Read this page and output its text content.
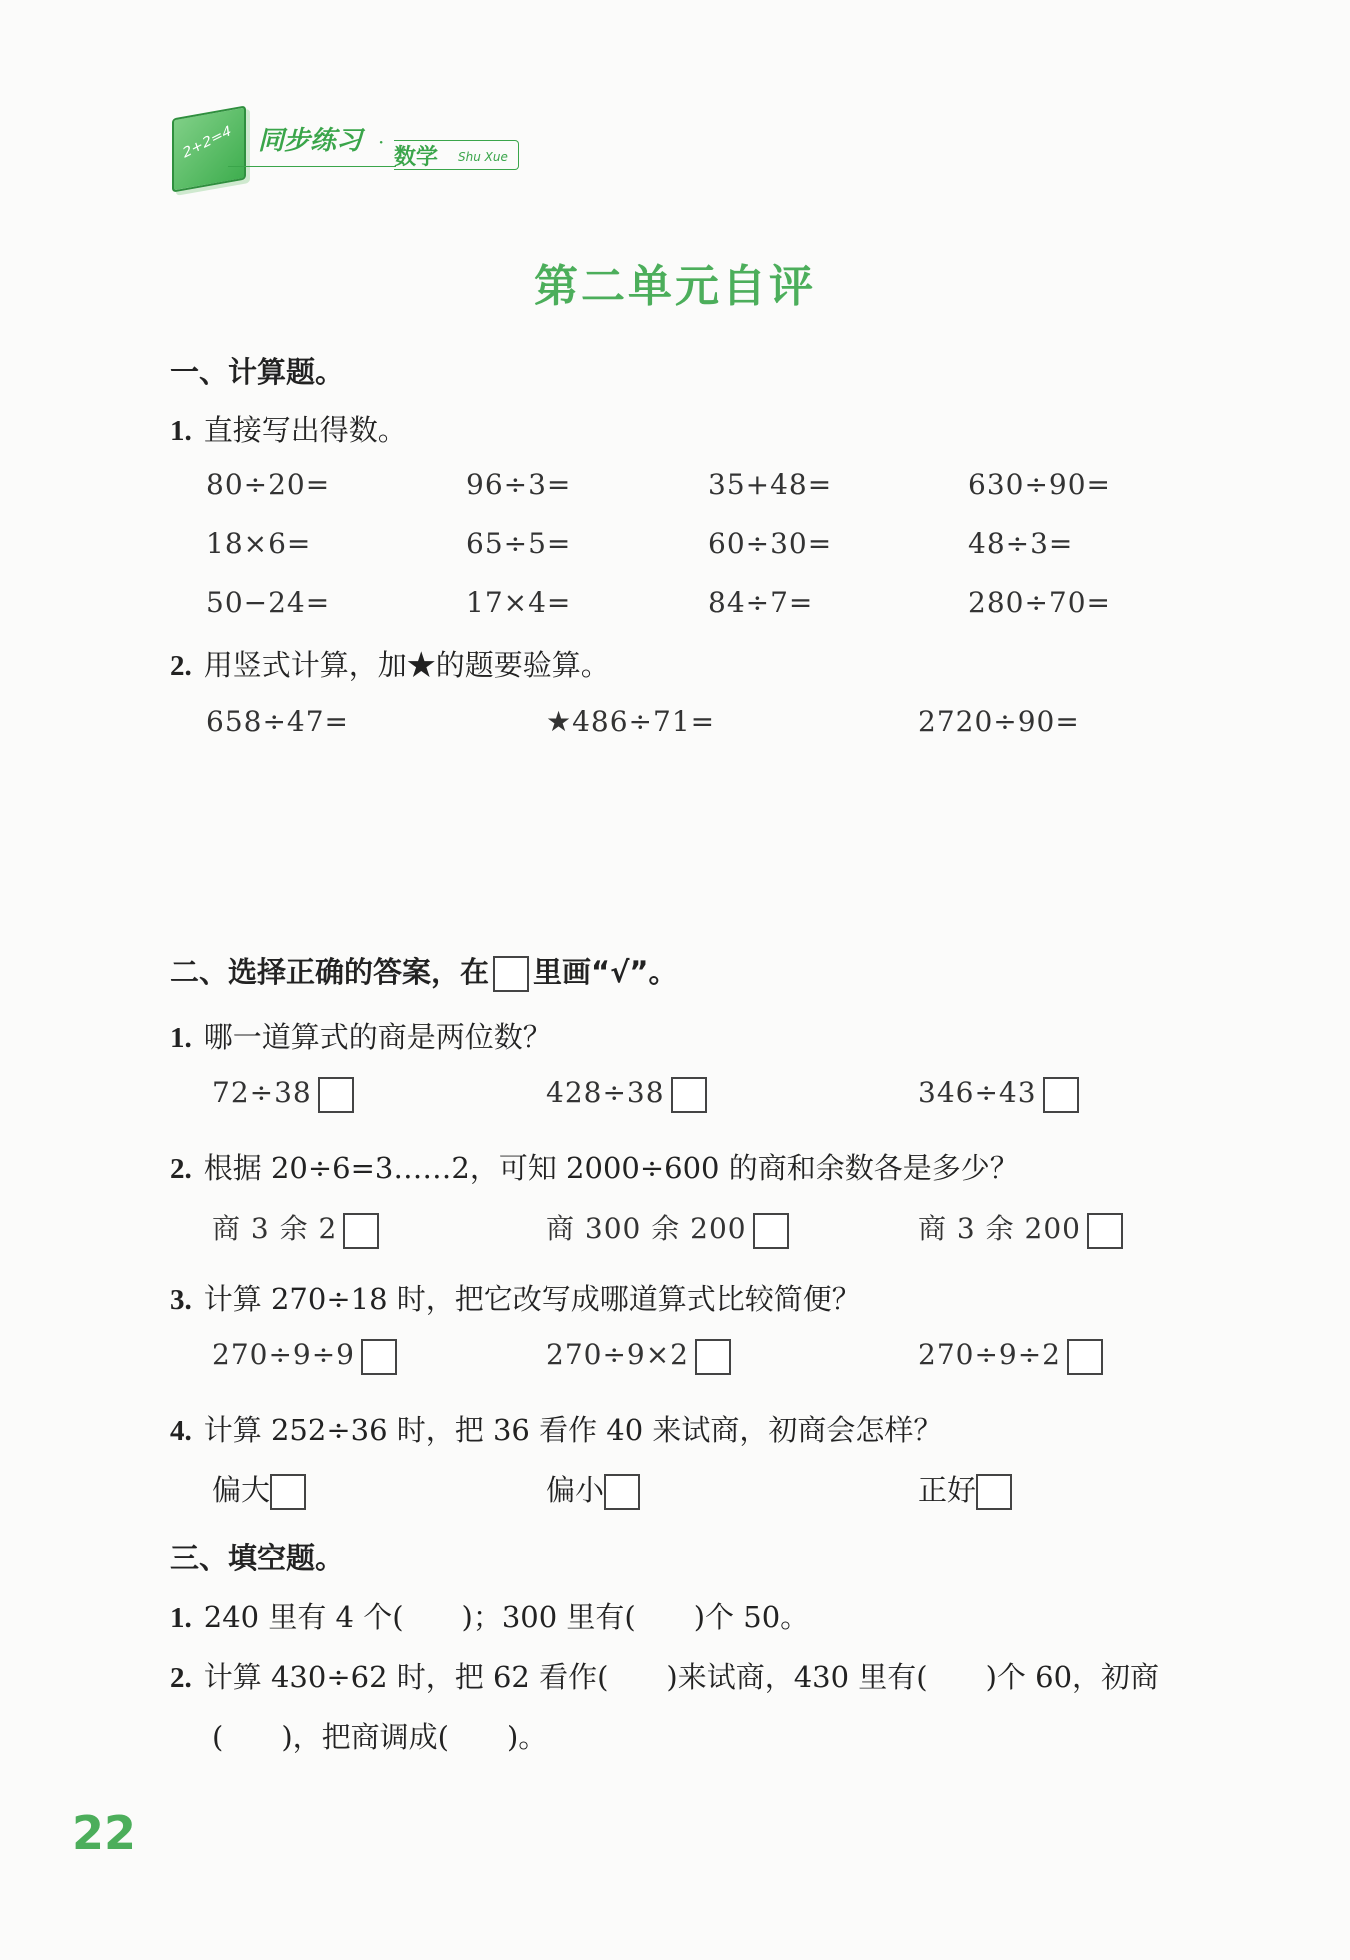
2+2=4 同步练习 ·
数学 Shu Xue
第二单元自评
一、计算题。
1. 直接写出得数。
80÷20=	96÷3=	35+48=	630÷90=
18×6=	65÷5=	60÷30=	48÷3=
50−24=	17×4=	84÷7=	280÷70=
2. 用竖式计算，加★的题要验算。
658÷47=	★486÷71=	2720÷90=
二、选择正确的答案，在 里画“√”。
1. 哪一道算式的商是两位数？
72÷38	428÷38	346÷43
2. 根据 20÷6=3……2，可知 2000÷600 的商和余数各是多少？
商 3 余 2	商 300 余 200	商 3 余 200
3. 计算 270÷18 时，把它改写成哪道算式比较简便？
270÷9÷9	270÷9×2	270÷9÷2
4. 计算 252÷36 时，把 36 看作 40 来试商，初商会怎样？
偏大	偏小	正好
三、填空题。
1. 240 里有 4 个(　　)；300 里有(　　)个 50。
2. 计算 430÷62 时，把 62 看作(　　)来试商，430 里有(　　)个 60，初商
(　　)，把商调成(　　)。
22
